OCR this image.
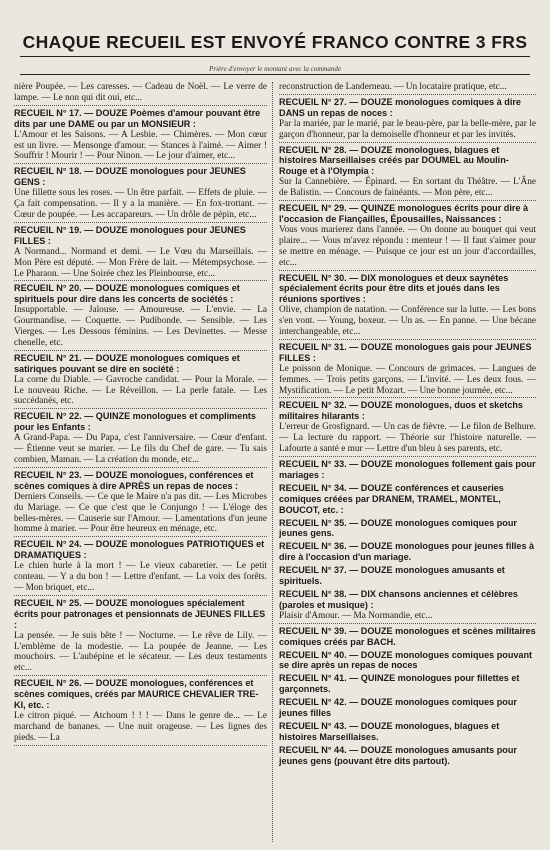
CHAQUE RECUEIL EST ENVOYÉ FRANCO CONTRE 3 FRS
Prière d'envoyer le montant avec la commande
nière Poupée. — Les caresses. — Cadeau de Noël. — Le verre de lampe. — Le non qui dit oui, etc...
RECUEIL N° 17. — DOUZE Poèmes d'amour pouvant être dits par une DAME ou par un MONSIEUR :
L'Amour et les Saisons. — A Lesbie. — Chimères. — Mon cœur est un livre. — Mensonge d'amour. — Stances à l'aimé. — Aimer ! Souffrir ! Mourir ! — Pour Ninon. — Le jour d'aimer, etc...
RECUEIL N° 18. — DOUZE monologues pour JEUNES GENS :
Une fillette sous les roses. — Un être parfait. — Effets de pluie. — Ça fait compensation. — Il y a la manière. — En fox-trottant. — Cœur de poupée. — Les accapareurs. — Un drôle de pépin, etc...
RECUEIL N° 19. — DOUZE monologues pour JEUNES FILLES :
A Normand... Normand et demi. — Le Vœu du Marseillais. — Mon Père est député. — Mon Frère de lait. — Métempsychose. — Le Pharaon. — Une Soirée chez les Pleinbourse, etc...
RECUEIL N° 20. — DOUZE monologues comiques et spirituels pour dire dans les concerts de sociétés :
Insupportable. — Jalouse. — Amoureuse. — L'envie. — La Gourmandise. — Coquette. — Pudibonde. — Sensible. — Les Vierges. — Les Dessous féminins. — Les Devinettes. — Messe chenelle, etc.
RECUEIL N° 21. — DOUZE monologues comiques et satiriques pouvant se dire en société :
La corne du Diable. — Gavroche candidat. — Pour la Morale. — Le nouveau Riche. — Le Réveillon. — La perle fatale. — Les succédanés, etc.
RECUEIL N° 22. — QUINZE monologues et compliments pour les Enfants :
A Grand-Papa. — Du Papa, c'est l'anniversaire. — Cœur d'enfant. — Étienne veut se marier. — Le fils du Chef de gare. — Tu sais combien, Maman. — La création du monde, etc...
RECUEIL N° 23. — DOUZE monologues, conférences et scènes comiques à dire APRÈS un repas de noces :
Derniers Conseils. — Ce que le Maire n'a pas dit. — Les Microbes du Mariage. — Ce que c'est que le Conjungo ! — L'éloge des belles-mères. — Causerie sur l'Amour. — Lamentations d'un jeune homme à marier. — Pour être heureux en ménage, etc.
RECUEIL N° 24. — DOUZE monologues PATRIOTIQUES et DRAMATIQUES :
Le chien hurle à la mort ! — Le vieux cabaretier. — Le petit conteau. — Y a du bon ! — Lettre d'enfant. — La voix des forêts. — Mon briquet, etc...
RECUEIL N° 25. — DOUZE monologues spécialement écrits pour patronages et pensionnats de JEUNES FILLES :
La pensée. — Je suis bête ! — Nocturne. — Le rêve de Lily. — L'emblème de la modestie. — La poupée de Jeanne. — Les mouchoirs. — L'aubépine et le sécateur. — Les deux testaments etc...
RECUEIL N° 26. — DOUZE monologues, conférences et scènes comiques, créés par MAURICE CHEVALIER TRE-KI, etc. :
Le citron piqué. — Atchoum ! ! ! — Dans le genre de... — Le marchand de bananes. — Une nuit orageuse. — Les lignes des pieds. — La
reconstruction de Landerneau. — Un locataire pratique, etc...
RECUEIL N° 27. — DOUZE monologues comiques à dire DANS un repas de noces :
Par la mariée, par le marié, par le beau-père, par la belle-mère, par le garçon d'honneur, par la demoiselle d'honneur et par les invités.
RECUEIL N° 28. — DOUZE monologues, blagues et histoires Marseillaises créés par DOUMEL au Moulin-Rouge et à l'Olympia :
Sur la Cannebière. — Épinard. — En sortant du Théâtre. — L'Âne de Balistin. — Concours de fainéants. — Mon père, etc...
RECUEIL N° 29. — QUINZE monologues écrits pour dire à l'occasion de Fiançailles, Épousailles, Naissances :
Vous vous marierez dans l'année. — On donne au bouquet qui veut plaire... — Vous m'avez répondu : menteur ! — Il faut s'aimer pour se mettre en ménage. — Puisque ce jour est un jour d'accordailles, etc...
RECUEIL N° 30. — DIX monologues et deux saynètes spécialement écrits pour être dits et joués dans les réunions sportives :
Olive, champion de natation. — Conférence sur la lutte. — Les bons s'en vont. — Young, boxeur. — Un as. — En panne. — Une bécane interchangeable, etc...
RECUEIL N° 31. — DOUZE monologues gais pour JEUNES FILLES :
Le poisson de Monique. — Concours de grimaces. — Langues de femmes. — Trois petits garçons. — L'invité. — Les deux fous. — Mystification. — Le petit Mozart. — Une bonne journée, etc...
RECUEIL N° 32. — DOUZE monologues, duos et sketchs militaires hilarants :
L'erreur de Grosfignard. — Un cas de fièvre. — Le filon de Belhure. — La lecture du rapport. — Théorie sur l'histoire naturelle. — Lafourte a santé e mur — Lettre d'un bleu à ses parents, etc.
RECUEIL N° 33. — DOUZE monologues follement gais pour mariages :
RECUEIL N° 34. — DOUZE conférences et causeries comiques créées par DRANEM, TRAMEL, MONTEL, BOUCOT, etc. :
RECUEIL N° 35. — DOUZE monologues comiques pour jeunes gens.
RECUEIL N° 36. — DOUZE monologues pour jeunes filles à dire à l'occasion d'un mariage.
RECUEIL N° 37. — DOUZE monologues amusants et spirituels.
RECUEIL N° 38. — DIX chansons anciennes et célèbres (paroles et musique) :
Plaisir d'Amour. — Ma Normandie, etc...
RECUEIL N° 39. — DOUZE monologues et scènes militaires comiques créés par BACH.
RECUEIL N° 40. — DOUZE monologues comiques pouvant se dire après un repas de noces
RECUEIL N° 41. — QUINZE monologues pour fillettes et garçonnets.
RECUEIL N° 42. — DOUZE monologues comiques pour jeunes filles
RECUEIL N° 43. — DOUZE monologues, blagues et histoires Marseillaises.
RECUEIL N° 44. — DOUZE monologues amusants pour jeunes gens (pouvant être dits partout).
